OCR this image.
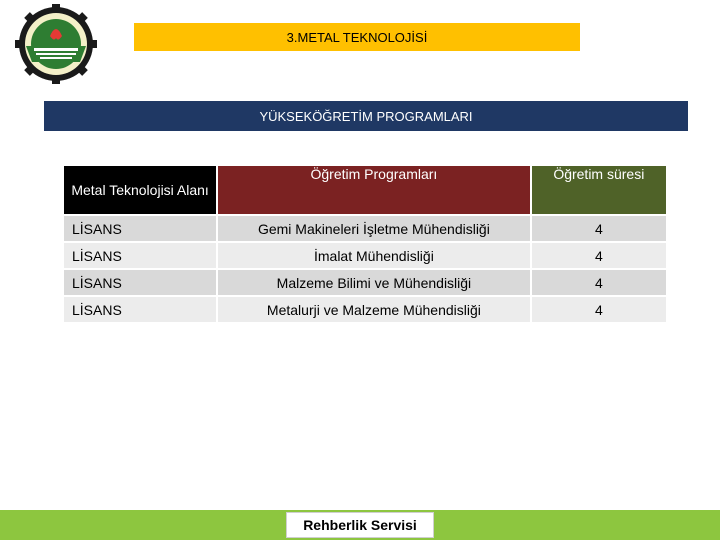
3.METAL TEKNOLOJİSİ
YÜKSEKÖĞRETİM PROGRAMLARI
Metal Teknolojisi Alanı	Öğretim Programları	Öğretim süresi
LİSANS	Gemi Makineleri İşletme Mühendisliği	4
LİSANS	İmalat Mühendisliği	4
LİSANS	Malzeme Bilimi ve Mühendisliği	4
LİSANS	Metalurji ve Malzeme Mühendisliği	4
Rehberlik Servisi
